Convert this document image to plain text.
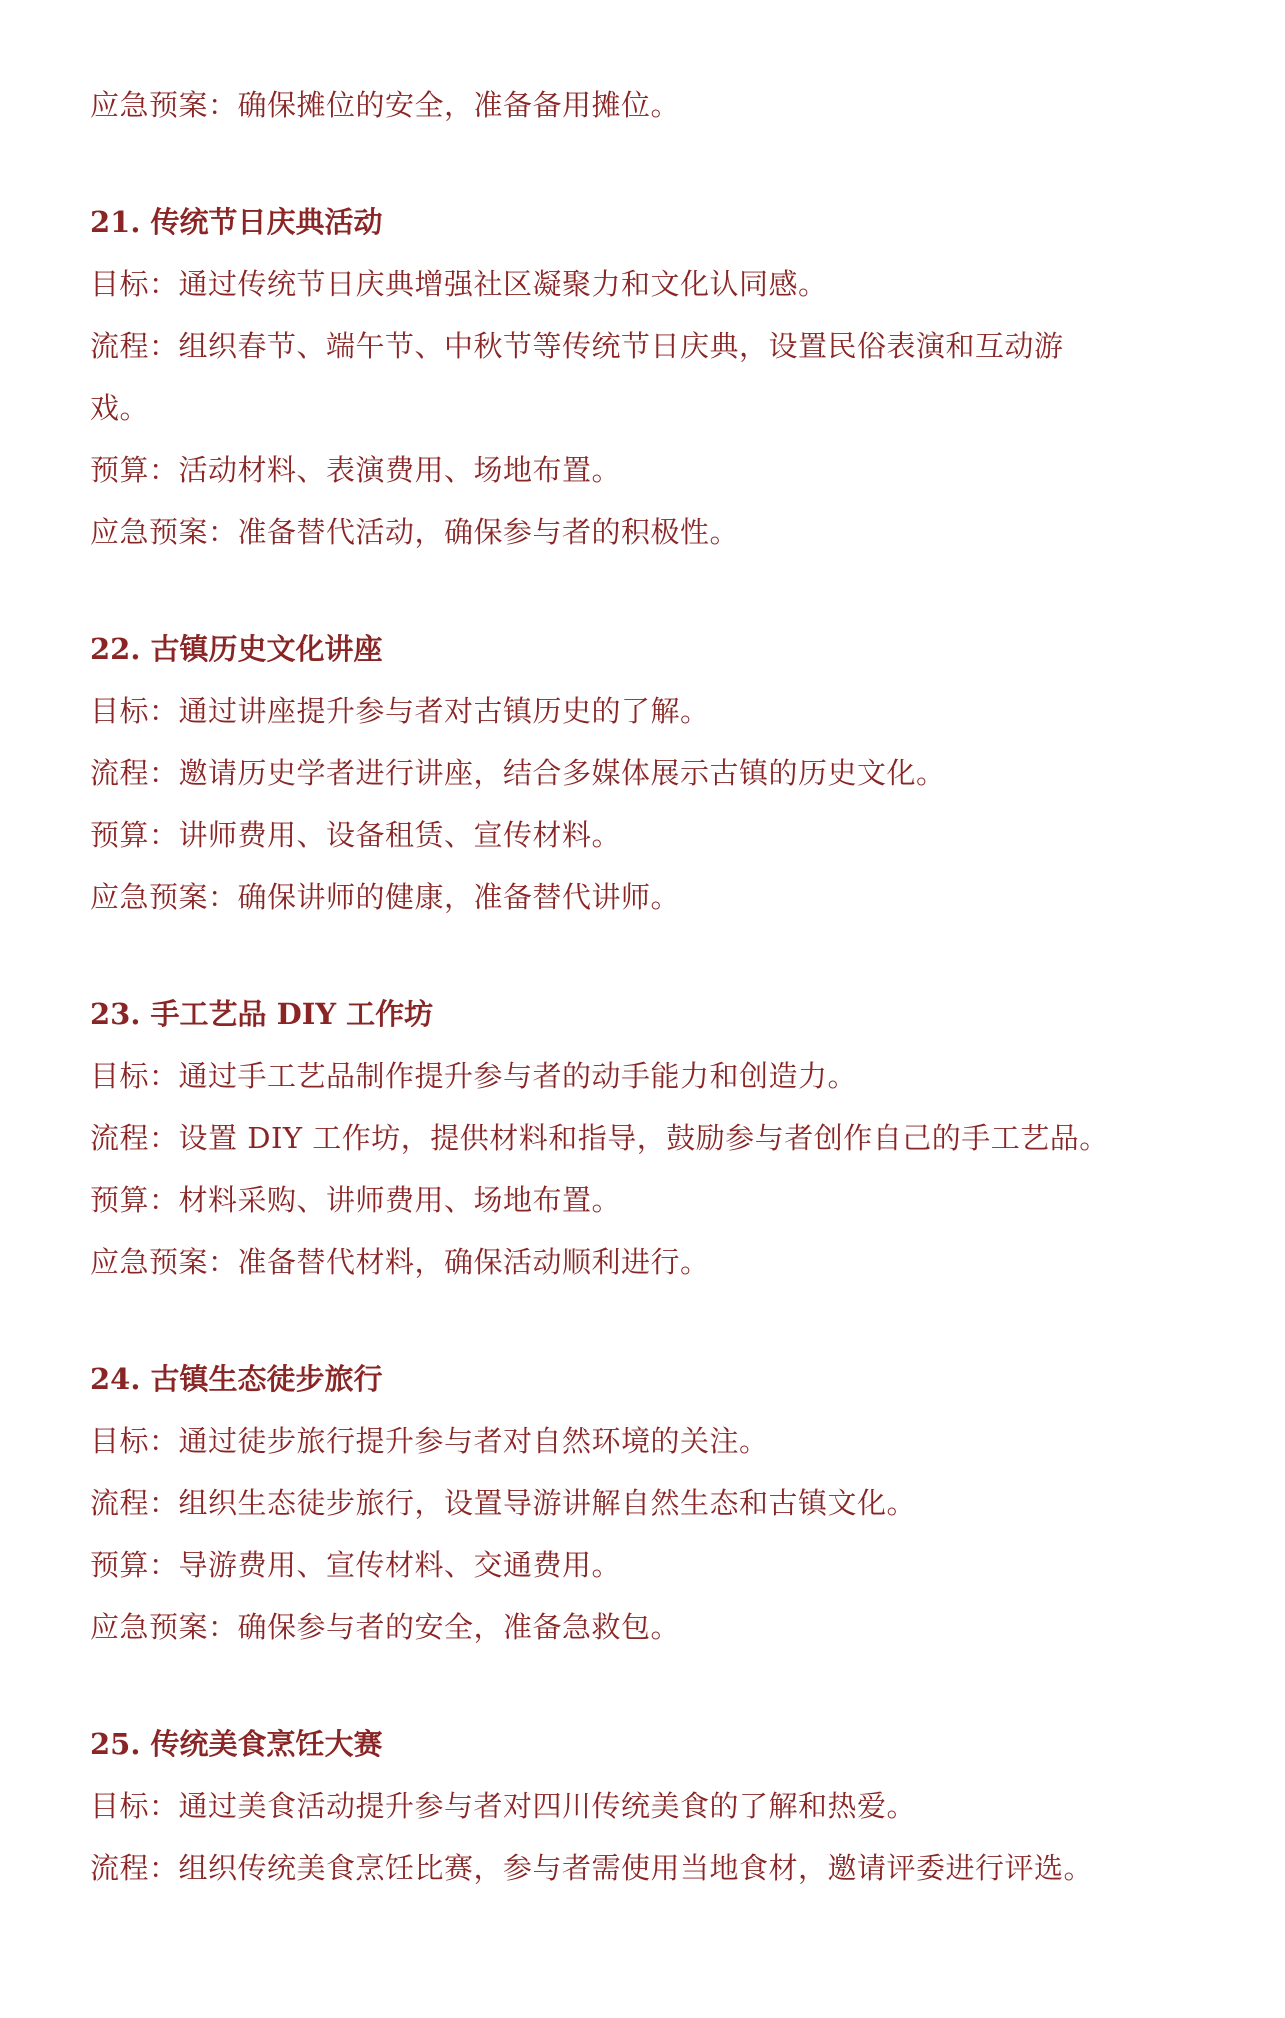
应急预案：确保摊位的安全，准备备用摊位。
21. 传统节日庆典活动
目标：通过传统节日庆典增强社区凝聚力和文化认同感。
流程：组织春节、端午节、中秋节等传统节日庆典，设置民俗表演和互动游
戏。
预算：活动材料、表演费用、场地布置。
应急预案：准备替代活动，确保参与者的积极性。
22. 古镇历史文化讲座
目标：通过讲座提升参与者对古镇历史的了解。
流程：邀请历史学者进行讲座，结合多媒体展示古镇的历史文化。
预算：讲师费用、设备租赁、宣传材料。
应急预案：确保讲师的健康，准备替代讲师。
23. 手工艺品 DIY 工作坊
目标：通过手工艺品制作提升参与者的动手能力和创造力。
流程：设置 DIY 工作坊，提供材料和指导，鼓励参与者创作自己的手工艺品。
预算：材料采购、讲师费用、场地布置。
应急预案：准备替代材料，确保活动顺利进行。
24. 古镇生态徒步旅行
目标：通过徒步旅行提升参与者对自然环境的关注。
流程：组织生态徒步旅行，设置导游讲解自然生态和古镇文化。
预算：导游费用、宣传材料、交通费用。
应急预案：确保参与者的安全，准备急救包。
25. 传统美食烹饪大赛
目标：通过美食活动提升参与者对四川传统美食的了解和热爱。
流程：组织传统美食烹饪比赛，参与者需使用当地食材，邀请评委进行评选。
